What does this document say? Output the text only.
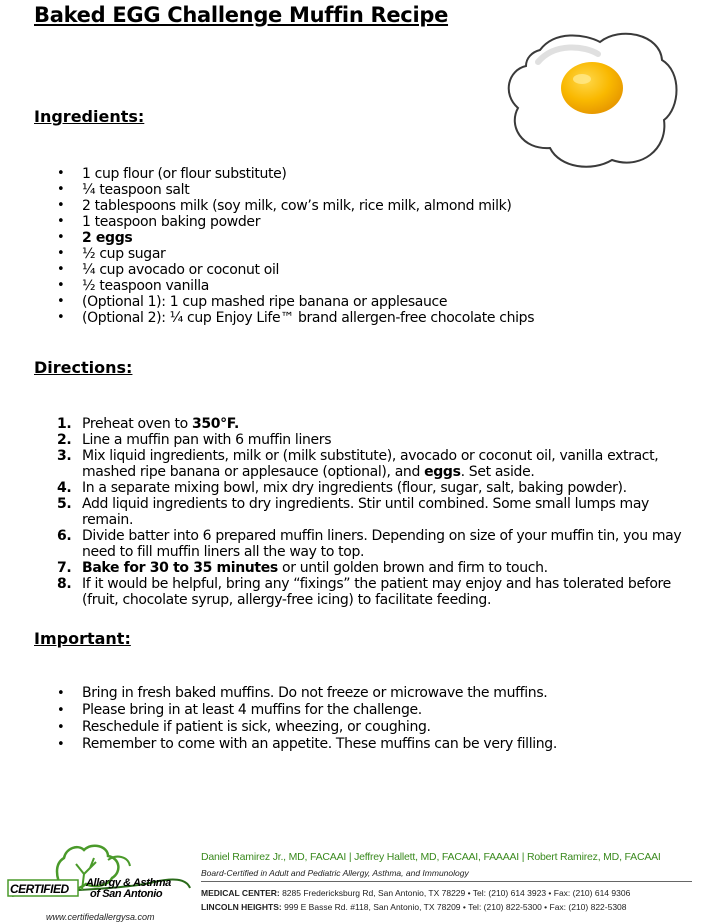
Baked EGG Challenge Muffin Recipe
Ingredients:
• 1 cup flour (or flour substitute)
• ¼ teaspoon salt
• 2 tablespoons milk (soy milk, cow’s milk, rice milk, almond milk)
• 1 teaspoon baking powder
• 2 eggs
• ½ cup sugar
• ¼ cup avocado or coconut oil
• ½ teaspoon vanilla
• (Optional 1): 1 cup mashed ripe banana or applesauce
• (Optional 2): ¼ cup Enjoy Life™ brand allergen-free chocolate chips
Directions:
1. Preheat oven to 350°F.
2. Line a muffin pan with 6 muffin liners
3. Mix liquid ingredients, milk or (milk substitute), avocado or coconut oil, vanilla extract, mashed ripe banana or applesauce (optional), and eggs. Set aside.
4. In a separate mixing bowl, mix dry ingredients (flour, sugar, salt, baking powder).
5. Add liquid ingredients to dry ingredients. Stir until combined. Some small lumps may remain.
6. Divide batter into 6 prepared muffin liners. Depending on size of your muffin tin, you may need to fill muffin liners all the way to top.
7. Bake for 30 to 35 minutes or until golden brown and firm to touch.
8. If it would be helpful, bring any “fixings” the patient may enjoy and has tolerated before (fruit, chocolate syrup, allergy-free icing) to facilitate feeding.
Important:
• Bring in fresh baked muffins. Do not freeze or microwave the muffins.
• Please bring in at least 4 muffins for the challenge.
• Reschedule if patient is sick, wheezing, or coughing.
• Remember to come with an appetite. These muffins can be very filling.
CERTIFIED Allergy & Asthma
of San Antonio
www.certifiedallergysa.com
Daniel Ramirez Jr., MD, FACAAI | Jeffrey Hallett, MD, FACAAI, FAAAAI | Robert Ramirez, MD, FACAAI
Board-Certified in Adult and Pediatric Allergy, Asthma, and Immunology
MEDICAL CENTER: 8285 Fredericksburg Rd, San Antonio, TX 78229 • Tel: (210) 614 3923 • Fax: (210) 614 9306
LINCOLN HEIGHTS: 999 E Basse Rd. #118, San Antonio, TX 78209 • Tel: (210) 822-5300 • Fax: (210) 822-5308
